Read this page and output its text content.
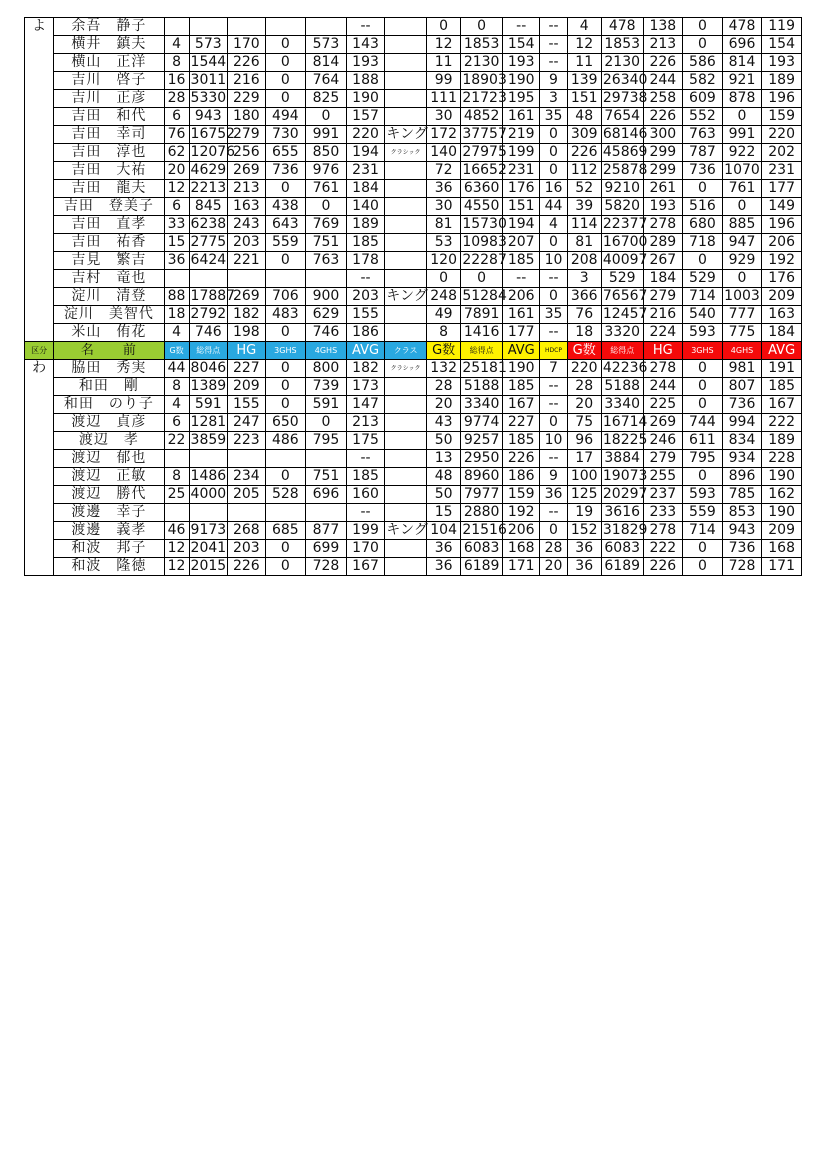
よ	余吾　静子						--		0	0	--	--	4	478	138	0	478	119
	横井　鎮夫	4	573	170	0	573	143		12	1853	154	--	12	1853	213	0	696	154
	横山　正洋	8	1544	226	0	814	193		11	2130	193	--	11	2130	226	586	814	193
	吉川　啓子	16	3011	216	0	764	188		99	18903	190	9	139	26340	244	582	921	189
	吉川　正彦	28	5330	229	0	825	190		111	21723	195	3	151	29738	258	609	878	196
	吉田　和代	6	943	180	494	0	157		30	4852	161	35	48	7654	226	552	0	159
	吉田　幸司	76	16752	279	730	991	220	キング	172	37757	219	0	309	68146	300	763	991	220
	吉田　淳也	62	12076	256	655	850	194	クラシック	140	27975	199	0	226	45869	299	787	922	202
	吉田　大祐	20	4629	269	736	976	231		72	16652	231	0	112	25878	299	736	1070	231
	吉田　龍夫	12	2213	213	0	761	184		36	6360	176	16	52	9210	261	0	761	177
	吉田　登美子	6	845	163	438	0	140		30	4550	151	44	39	5820	193	516	0	149
	吉田　直孝	33	6238	243	643	769	189		81	15730	194	4	114	22377	278	680	885	196
	吉田　祐香	15	2775	203	559	751	185		53	10983	207	0	81	16700	289	718	947	206
	吉見　繁吉	36	6424	221	0	763	178		120	22287	185	10	208	40097	267	0	929	192
	吉村　竜也						--		0	0	--	--	3	529	184	529	0	176
	淀川　清登	88	17887	269	706	900	203	キング	248	51284	206	0	366	76567	279	714	1003	209
	淀川　美智代	18	2792	182	483	629	155		49	7891	161	35	76	12457	216	540	777	163
	米山　侑花	4	746	198	0	746	186		8	1416	177	--	18	3320	224	593	775	184
区分	名　　前	G数	総得点	HG	3GHS	4GHS	AVG	クラス	G数	総得点	AVG	HDCP	G数	総得点	HG	3GHS	4GHS	AVG
わ	脇田　秀実	44	8046	227	0	800	182	クラシック	132	25181	190	7	220	42236	278	0	981	191
	和田　剛	8	1389	209	0	739	173		28	5188	185	--	28	5188	244	0	807	185
	和田　のり子	4	591	155	0	591	147		20	3340	167	--	20	3340	225	0	736	167
	渡辺　貞彦	6	1281	247	650	0	213		43	9774	227	0	75	16714	269	744	994	222
	渡辺　孝	22	3859	223	486	795	175		50	9257	185	10	96	18225	246	611	834	189
	渡辺　郁也						--		13	2950	226	--	17	3884	279	795	934	228
	渡辺　正敏	8	1486	234	0	751	185		48	8960	186	9	100	19073	255	0	896	190
	渡辺　勝代	25	4000	205	528	696	160		50	7977	159	36	125	20297	237	593	785	162
	渡邊　幸子						--		15	2880	192	--	19	3616	233	559	853	190
	渡邊　義孝	46	9173	268	685	877	199	キング	104	21516	206	0	152	31829	278	714	943	209
	和波　邦子	12	2041	203	0	699	170		36	6083	168	28	36	6083	222	0	736	168
	和波　隆徳	12	2015	226	0	728	167		36	6189	171	20	36	6189	226	0	728	171
